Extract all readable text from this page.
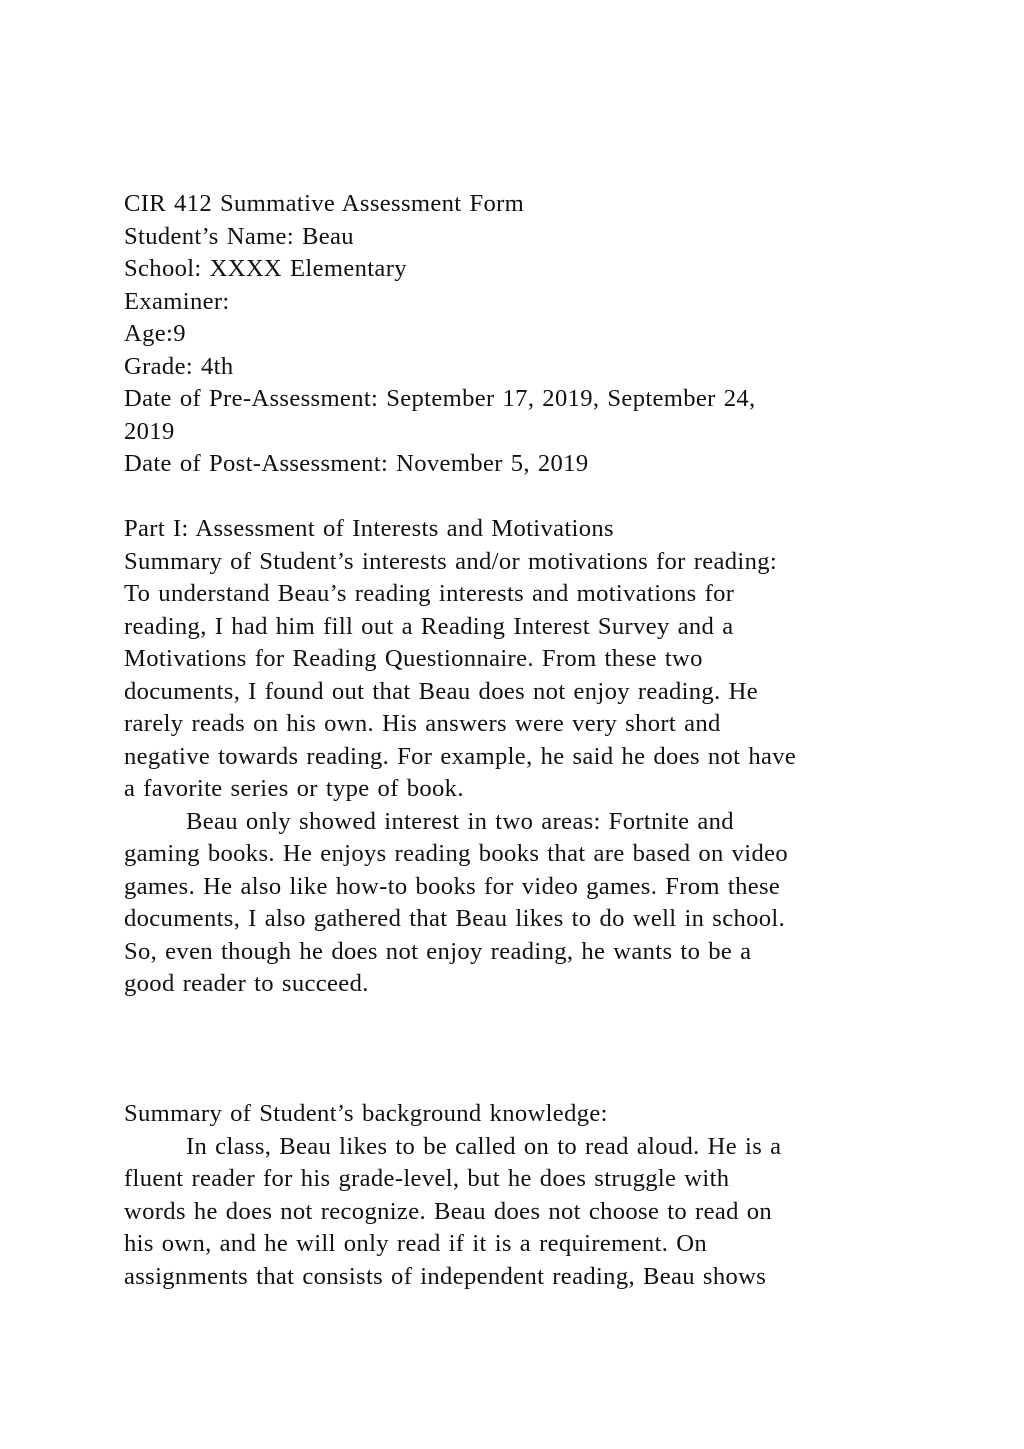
CIR 412 Summative Assessment Form
Student’s Name: Beau
School: XXXX Elementary
Examiner:
Age:9
Grade: 4th
Date of Pre-Assessment: September 17, 2019, September 24,
2019
Date of Post-Assessment: November 5, 2019
Part I: Assessment of Interests and Motivations
Summary of Student’s interests and/or motivations for reading:
To understand Beau’s reading interests and motivations for
reading, I had him fill out a Reading Interest Survey and a
Motivations for Reading Questionnaire. From these two
documents, I found out that Beau does not enjoy reading. He
rarely reads on his own. His answers were very short and
negative towards reading. For example, he said he does not have
a favorite series or type of book.
Beau only showed interest in two areas: Fortnite and
gaming books. He enjoys reading books that are based on video
games. He also like how-to books for video games. From these
documents, I also gathered that Beau likes to do well in school.
So, even though he does not enjoy reading, he wants to be a
good reader to succeed.
Summary of Student’s background knowledge:
In class, Beau likes to be called on to read aloud. He is a
fluent reader for his grade-level, but he does struggle with
words he does not recognize. Beau does not choose to read on
his own, and he will only read if it is a requirement. On
assignments that consists of independent reading, Beau shows
